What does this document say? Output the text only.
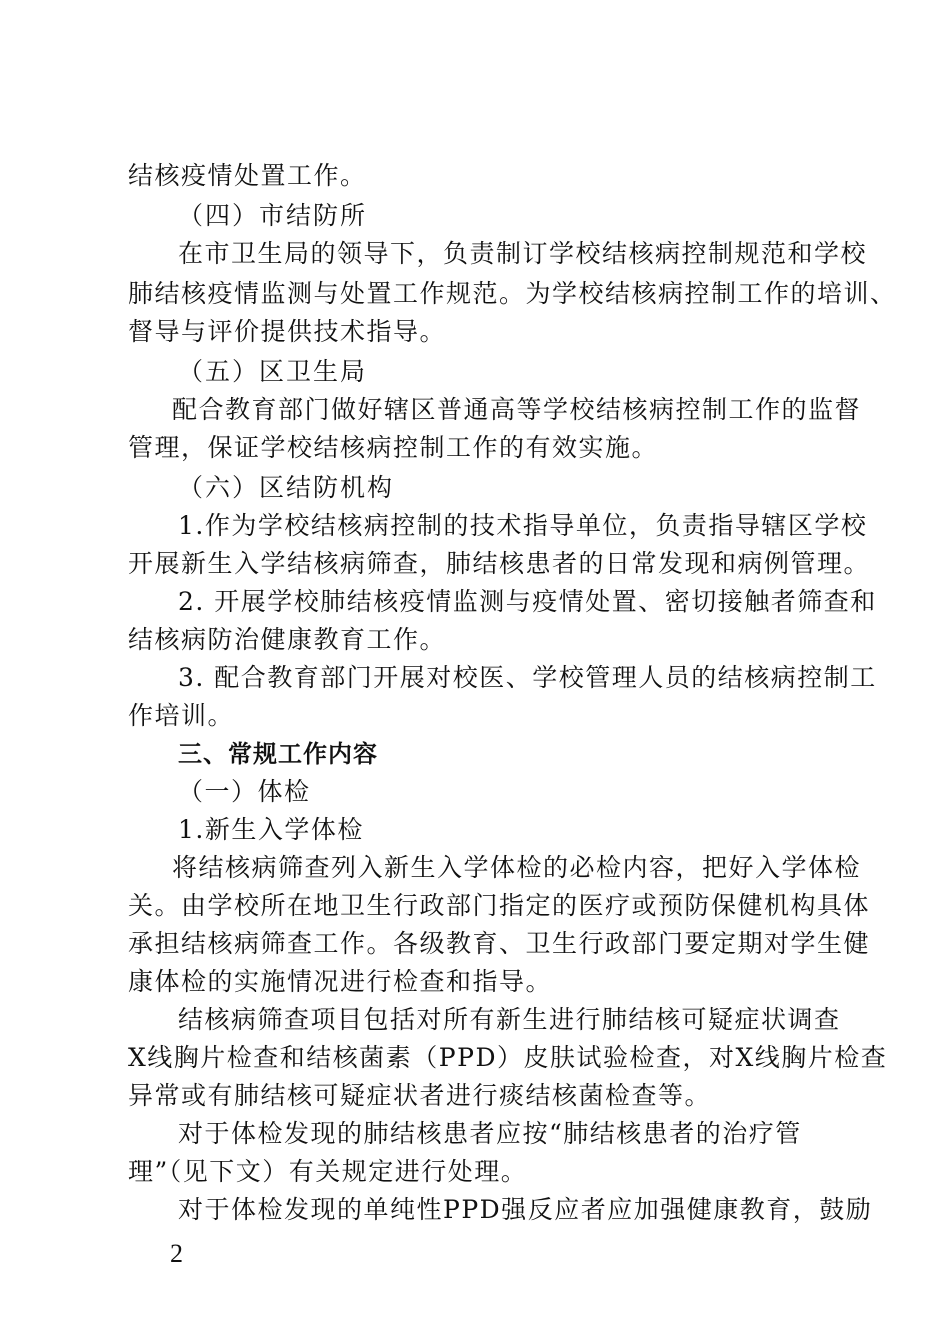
结核疫情处置工作。
（四）市结防所
在市卫生局的领导下，负责制订学校结核病控制规范和学校
肺结核疫情监测与处置工作规范。为学校结核病控制工作的培训、
督导与评价提供技术指导。
（五）区卫生局
配合教育部门做好辖区普通高等学校结核病控制工作的监督
管理，保证学校结核病控制工作的有效实施。
（六）区结防机构
1.作为学校结核病控制的技术指导单位，负责指导辖区学校
开展新生入学结核病筛查，肺结核患者的日常发现和病例管理。
2. 开展学校肺结核疫情监测与疫情处置、密切接触者筛查和
结核病防治健康教育工作。
3. 配合教育部门开展对校医、学校管理人员的结核病控制工
作培训。
三、常规工作内容
（一）体检
1.新生入学体检
将结核病筛查列入新生入学体检的必检内容，把好入学体检
关。由学校所在地卫生行政部门指定的医疗或预防保健机构具体
承担结核病筛查工作。各级教育、卫生行政部门要定期对学生健
康体检的实施情况进行检查和指导。
结核病筛查项目包括对所有新生进行肺结核可疑症状调查
X线胸片检查和结核菌素（PPD）皮肤试验检查，对X线胸片检查
异常或有肺结核可疑症状者进行痰结核菌检查等。
对于体检发现的肺结核患者应按“肺结核患者的治疗管
理”（见下文）有关规定进行处理。
对于体检发现的单纯性PPD强反应者应加强健康教育，鼓励
2
